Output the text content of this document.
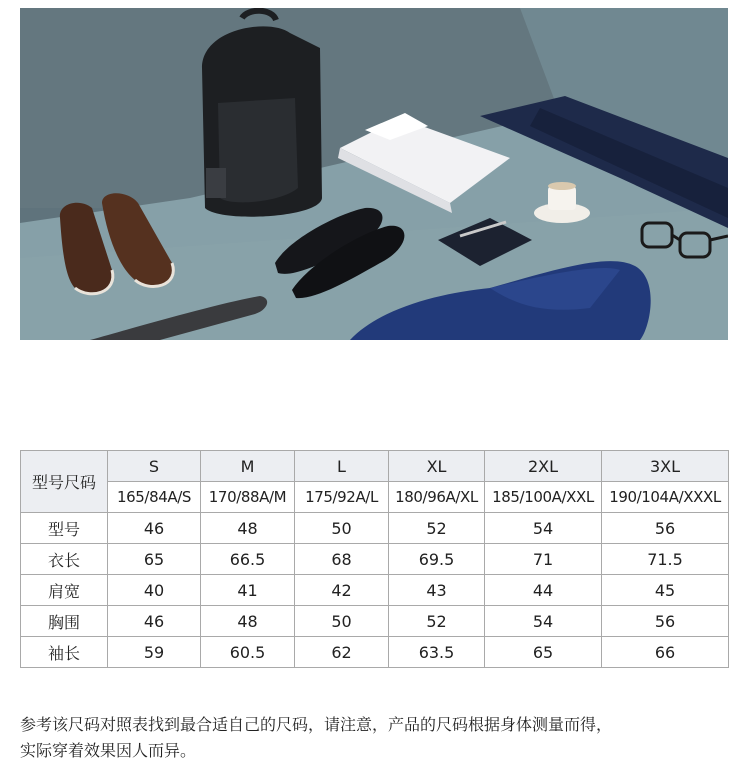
型号尺码	S	M	L	XL	2XL	3XL
	165/84A/S	170/88A/M	175/92A/L	180/96A/XL	185/100A/XXL	190/104A/XXXL
型号	46	48	50	52	54	56
衣长	65	66.5	68	69.5	71	71.5
肩宽	40	41	42	43	44	45
胸围	46	48	50	52	54	56
袖长	59	60.5	62	63.5	65	66
参考该尺码对照表找到最合适自己的尺码，请注意，产品的尺码根据身体测量而得，
实际穿着效果因人而异。
